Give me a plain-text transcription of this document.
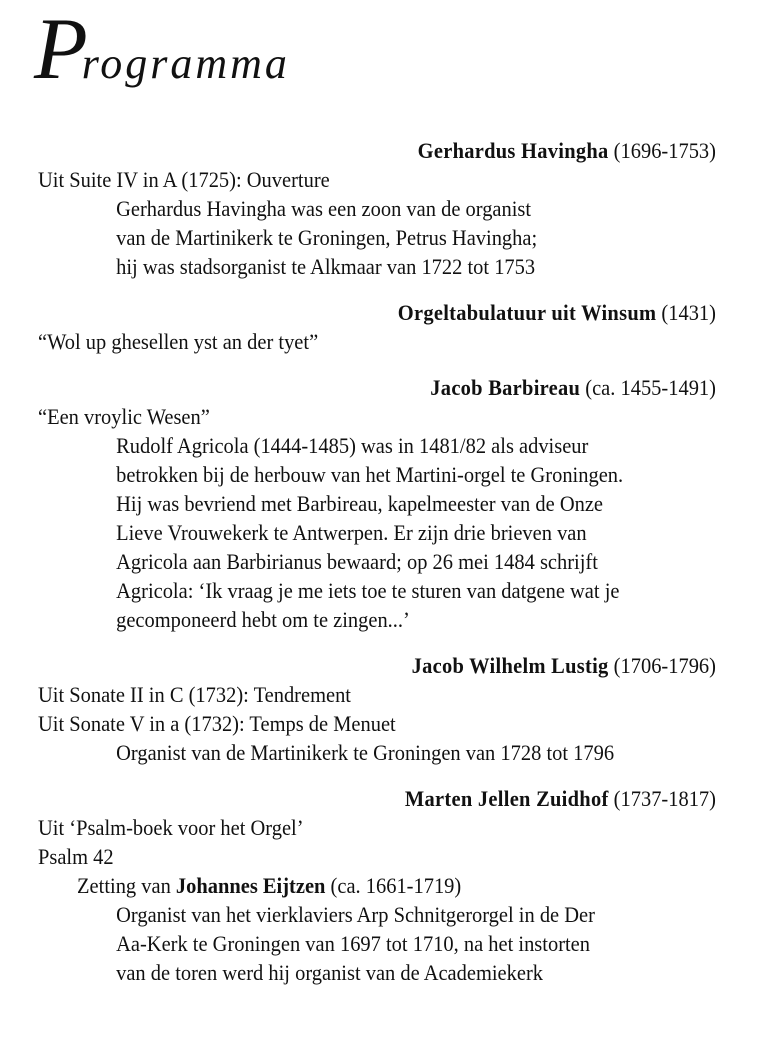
Programma
Gerhardus Havingha (1696-1753)
Uit Suite IV in A (1725): Ouverture
Gerhardus Havingha was een zoon van de organist
van de Martinikerk te Groningen, Petrus Havingha;
hij was stadsorganist te Alkmaar van 1722 tot 1753
Orgeltabulatuur uit Winsum (1431)
“Wol up ghesellen yst an der tyet”
Jacob Barbireau (ca. 1455-1491)
“Een vroylic Wesen”
Rudolf Agricola (1444-1485) was in 1481/82 als adviseur
betrokken bij de herbouw van het Martini-orgel te Groningen.
Hij was bevriend met Barbireau, kapelmeester van de Onze
Lieve Vrouwekerk te Antwerpen. Er zijn drie brieven van
Agricola aan Barbirianus bewaard; op 26 mei 1484 schrijft
Agricola: ‘Ik vraag je me iets toe te sturen van datgene wat je
gecomponeerd hebt om te zingen...’
Jacob Wilhelm Lustig (1706-1796)
Uit Sonate II in C (1732): Tendrement
Uit Sonate V in a (1732): Temps de Menuet
Organist van de Martinikerk te Groningen van 1728 tot 1796
Marten Jellen Zuidhof (1737-1817)
Uit ‘Psalm-boek voor het Orgel’
Psalm 42
Zetting van Johannes Eijtzen (ca. 1661-1719)
Organist van het vierklaviers Arp Schnitgerorgel in de Der
Aa-Kerk te Groningen van 1697 tot 1710, na het instorten
van de toren werd hij organist van de Academiekerk
